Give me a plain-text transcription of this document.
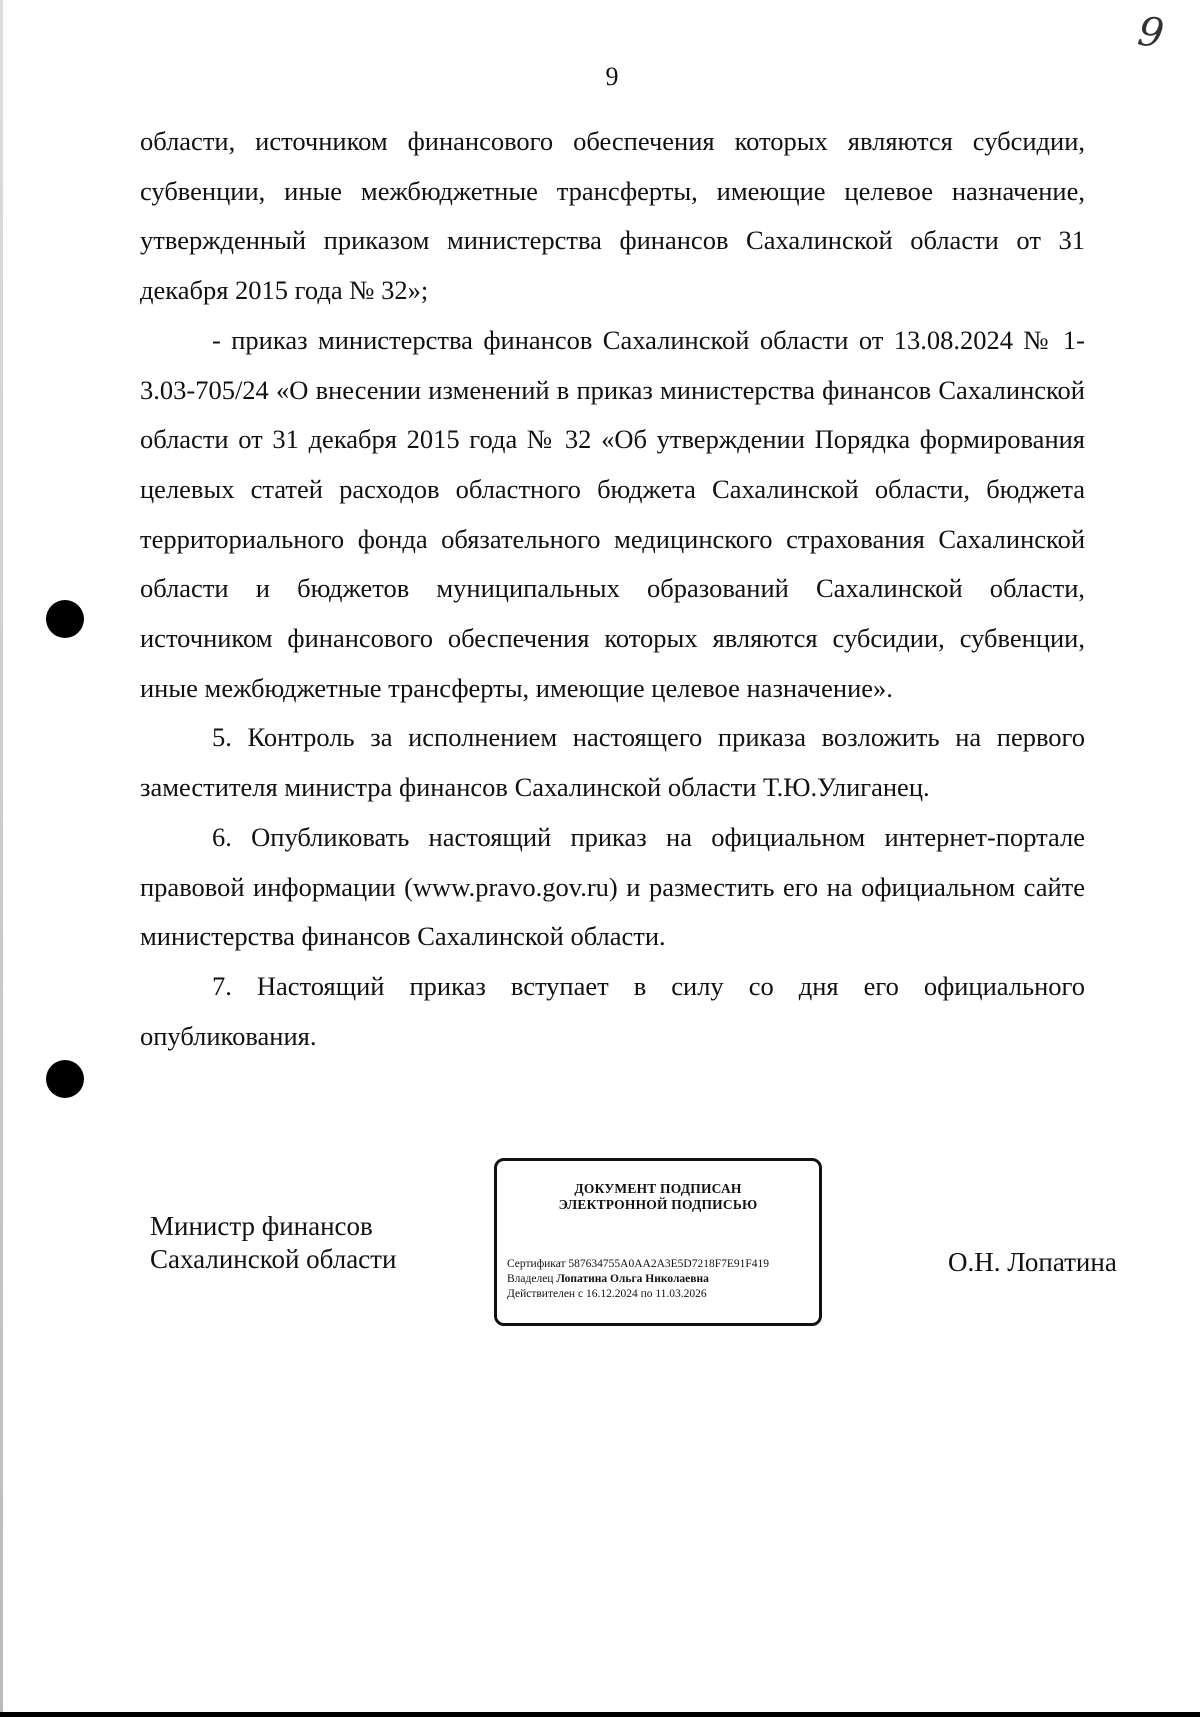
9
9

области, источником финансового обеспечения которых являются субсидии, субвенции, иные межбюджетные трансферты, имеющие целевое назначение, утвержденный приказом министерства финансов Сахалинской области от 31 декабря 2015 года № 32»;

- приказ министерства финансов Сахалинской области от 13.08.2024 № 1-3.03-705/24 «О внесении изменений в приказ министерства финансов Сахалинской области от 31 декабря 2015 года № 32 «Об утверждении Порядка формирования целевых статей расходов областного бюджета Сахалинской области, бюджета территориального фонда обязательного медицинского страхования Сахалинской области и бюджетов муниципальных образований Сахалинской области, источником финансового обеспечения которых являются субсидии, субвенции, иные межбюджетные трансферты, имеющие целевое назначение».

5. Контроль за исполнением настоящего приказа возложить на первого заместителя министра финансов Сахалинской области Т.Ю.Улиганец.

6. Опубликовать настоящий приказ на официальном интернет-портале правовой информации (www.pravo.gov.ru) и разместить его на официальном сайте министерства финансов Сахалинской области.

7. Настоящий приказ вступает в силу со дня его официального опубликования.

Министр финансов
Сахалинской области
ДОКУМЕНТ ПОДПИСАН
ЭЛЕКТРОННОЙ ПОДПИСЬЮ
Сертификат 587634755A0AA2A3E5D7218F7E91F419
Владелец Лопатина Ольга Николаевна
Действителен с 16.12.2024 по 11.03.2026
О.Н. Лопатина
